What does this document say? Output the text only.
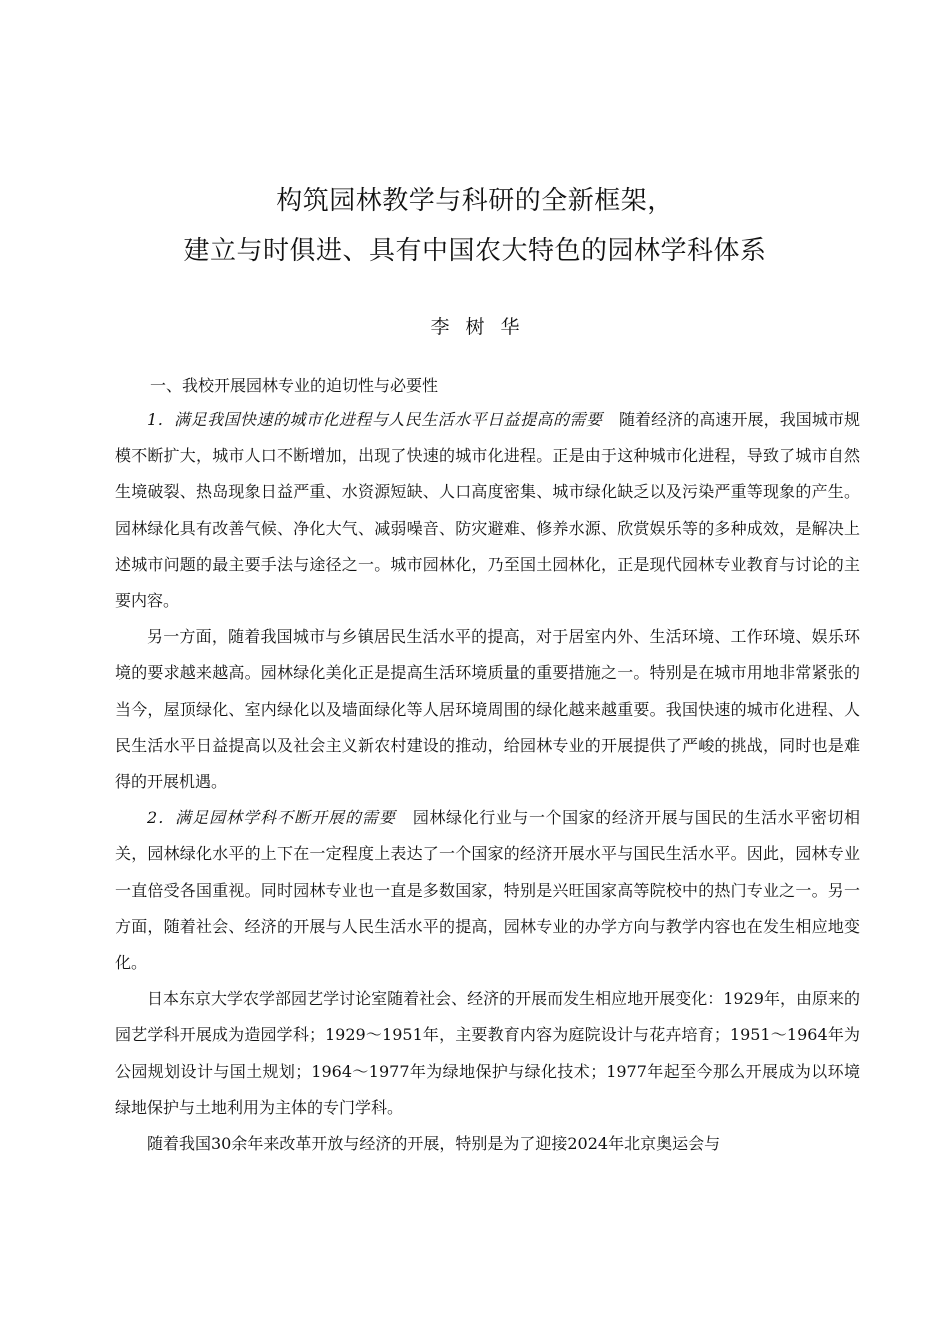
构筑园林教学与科研的全新框架，
建立与时俱进、具有中国农大特色的园林学科体系
李树华
一、我校开展园林专业的迫切性与必要性

1．满足我国快速的城市化进程与人民生活水平日益提高的需要　随着经济的高速开展，我国城市规模不断扩大，城市人口不断增加，出现了快速的城市化进程。正是由于这种城市化进程，导致了城市自然生境破裂、热岛现象日益严重、水资源短缺、人口高度密集、城市绿化缺乏以及污染严重等现象的产生。园林绿化具有改善气候、净化大气、减弱噪音、防灾避难、修养水源、欣赏娱乐等的多种成效，是解决上述城市问题的最主要手法与途径之一。城市园林化，乃至国土园林化，正是现代园林专业教育与讨论的主要内容。

另一方面，随着我国城市与乡镇居民生活水平的提高，对于居室内外、生活环境、工作环境、娱乐环境的要求越来越高。园林绿化美化正是提高生活环境质量的重要措施之一。特别是在城市用地非常紧张的当今，屋顶绿化、室内绿化以及墙面绿化等人居环境周围的绿化越来越重要。我国快速的城市化进程、人民生活水平日益提高以及社会主义新农村建设的推动，给园林专业的开展提供了严峻的挑战，同时也是难得的开展机遇。

2．满足园林学科不断开展的需要　园林绿化行业与一个国家的经济开展与国民的生活水平密切相关，园林绿化水平的上下在一定程度上表达了一个国家的经济开展水平与国民生活水平。因此，园林专业一直倍受各国重视。同时园林专业也一直是多数国家，特别是兴旺国家高等院校中的热门专业之一。另一方面，随着社会、经济的开展与人民生活水平的提高，园林专业的办学方向与教学内容也在发生相应地变化。

日本东京大学农学部园艺学讨论室随着社会、经济的开展而发生相应地开展变化：1929年，由原来的园艺学科开展成为造园学科；1929～1951年，主要教育内容为庭院设计与花卉培育；1951～1964年为公园规划设计与国土规划；1964～1977年为绿地保护与绿化技术；1977年起至今那么开展成为以环境绿地保护与土地利用为主体的专门学科。

随着我国30余年来改革开放与经济的开展，特别是为了迎接2024年北京奥运会与
